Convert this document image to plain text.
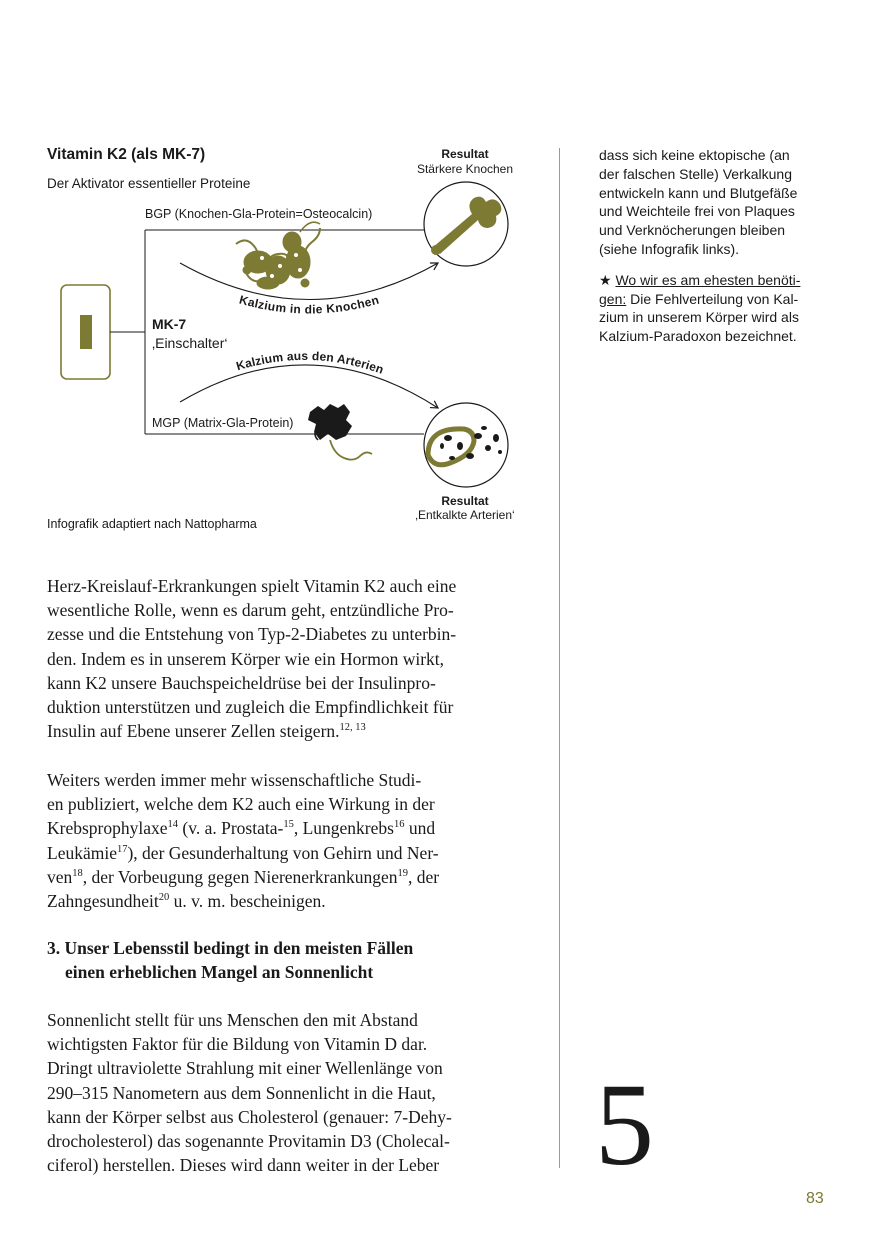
Kalzium in die Knochen
Kalzium aus den Arterien
Vitamin K2 (als MK-7)
Der Aktivator essentieller Proteine
Resultat
Stärkere Knochen
BGP (Knochen-Gla-Protein=Osteocalcin)
MK-7
‚Einschalter‘
MGP (Matrix-Gla-Protein)
Resultat
‚Entkalkte Arterien‘
Infografik adaptiert nach Nattopharma
Herz-Kreislauf-Erkrankungen spielt Vitamin K2 auch eine
wesentliche Rolle, wenn es darum geht, entzündliche Pro-
zesse und die Entstehung von Typ-2-Diabetes zu unterbin-
den. Indem es in unserem Körper wie ein Hormon wirkt,
kann K2 unsere Bauchspeicheldrüse bei der Insulinpro-
duktion unterstützen und zugleich die Empfindlichkeit für
Insulin auf Ebene unserer Zellen steigern.$^{12, 13}$
Weiters werden immer mehr wissenschaftliche Studi-
en publiziert, welche dem K2 auch eine Wirkung in der
Krebsprophylaxe$^{14}$ (v. a. Prostata-$^{15}$, Lungenkrebs$^{16}$ und
Leukämie$^{17}$), der Gesunderhaltung von Gehirn und Ner-
ven$^{18}$, der Vorbeugung gegen Nierenerkrankungen$^{19}$, der
Zahngesundheit$^{20}$ u. v. m. bescheinigen.
3. Unser Lebensstil bedingt in den meisten Fällen
einen erheblichen Mangel an Sonnenlicht
Sonnenlicht stellt für uns Menschen den mit Abstand
wichtigsten Faktor für die Bildung von Vitamin D dar.
Dringt ultraviolette Strahlung mit einer Wellenlänge von
290–315 Nanometern aus dem Sonnenlicht in die Haut,
kann der Körper selbst aus Cholesterol (genauer: 7-Dehy-
drocholesterol) das sogenannte Provitamin D3 (Cholecal-
ciferol) herstellen. Dieses wird dann weiter in der Leber
dass sich keine ektopische (an
der falschen Stelle) Verkalkung
entwickeln kann und Blutgefäße
und Weichteile frei von Plaques
und Verknöcherungen bleiben
(siehe Infografik links).
★ Wo wir es am ehesten benöti-
gen: Die Fehlverteilung von Kal-
zium in unserem Körper wird als
Kalzium-Paradoxon bezeichnet.
5
83
